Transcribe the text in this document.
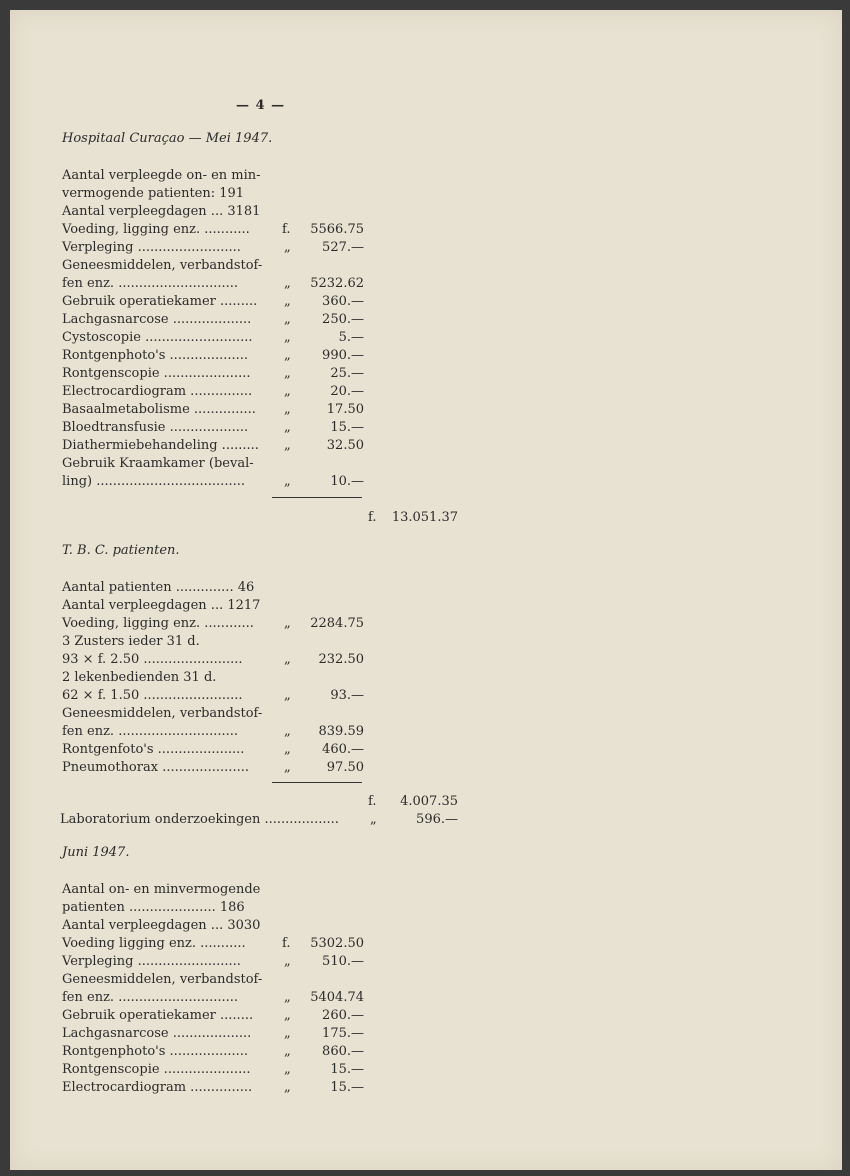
— 4 —
Hospitaal Curaçao — Mei 1947.
Aantal verpleegde on- en min-
vermogende patienten: 191
Aantal verpleegdagen ... 3181
Voeding, ligging enz. ........... f. 5566.75
Verpleging .........................	„ 527.—
Geneesmiddelen, verbandstof-
fen enz. .............................	„ 5232.62
Gebruik operatiekamer ......... „ 360.—
Lachgasnarcose ...................	„ 250.—
Cystoscopie .......................... „	5.—
Rontgenphoto's ...................	„ 990.—
Rontgenscopie .....................	„	25.—
Electrocardiogram ............... „	20.—
Basaalmetabolisme ............... „	17.50
Bloedtransfusie ...................	„	15.—
Diathermiebehandeling ......... „	32.50
Gebruik Kraamkamer (beval-
ling) ....................................	„	10.—
f. 13.051.37
T. B. C. patienten.
Aantal patienten .............. 46
Aantal verpleegdagen ... 1217
Voeding, ligging enz. ............ „ 2284.75
3 Zusters ieder 31 d.
93 × f. 2.50 ........................	„ 232.50
2 lekenbedienden 31 d.
62 × f. 1.50 ........................	„	93.—
Geneesmiddelen, verbandstof-
fen enz. .............................	„ 839.59
Rontgenfoto's .....................	„ 460.—
Pneumothorax .....................	„	97.50
f. 4.007.35
Laboratorium onderzoekingen .................. „	596.—
Juni 1947.
Aantal on- en minvermogende
patienten ..................... 186
Aantal verpleegdagen ... 3030
Voeding ligging enz. ...........	f. 5302.50
Verpleging .........................	„ 510.—
Geneesmiddelen, verbandstof-
fen enz. .............................	„ 5404.74
Gebruik operatiekamer ........ „ 260.—
Lachgasnarcose ...................	„ 175.—
Rontgenphoto's ...................	„ 860.—
Rontgenscopie .....................	„	15.—
Electrocardiogram ............... „	15.—
